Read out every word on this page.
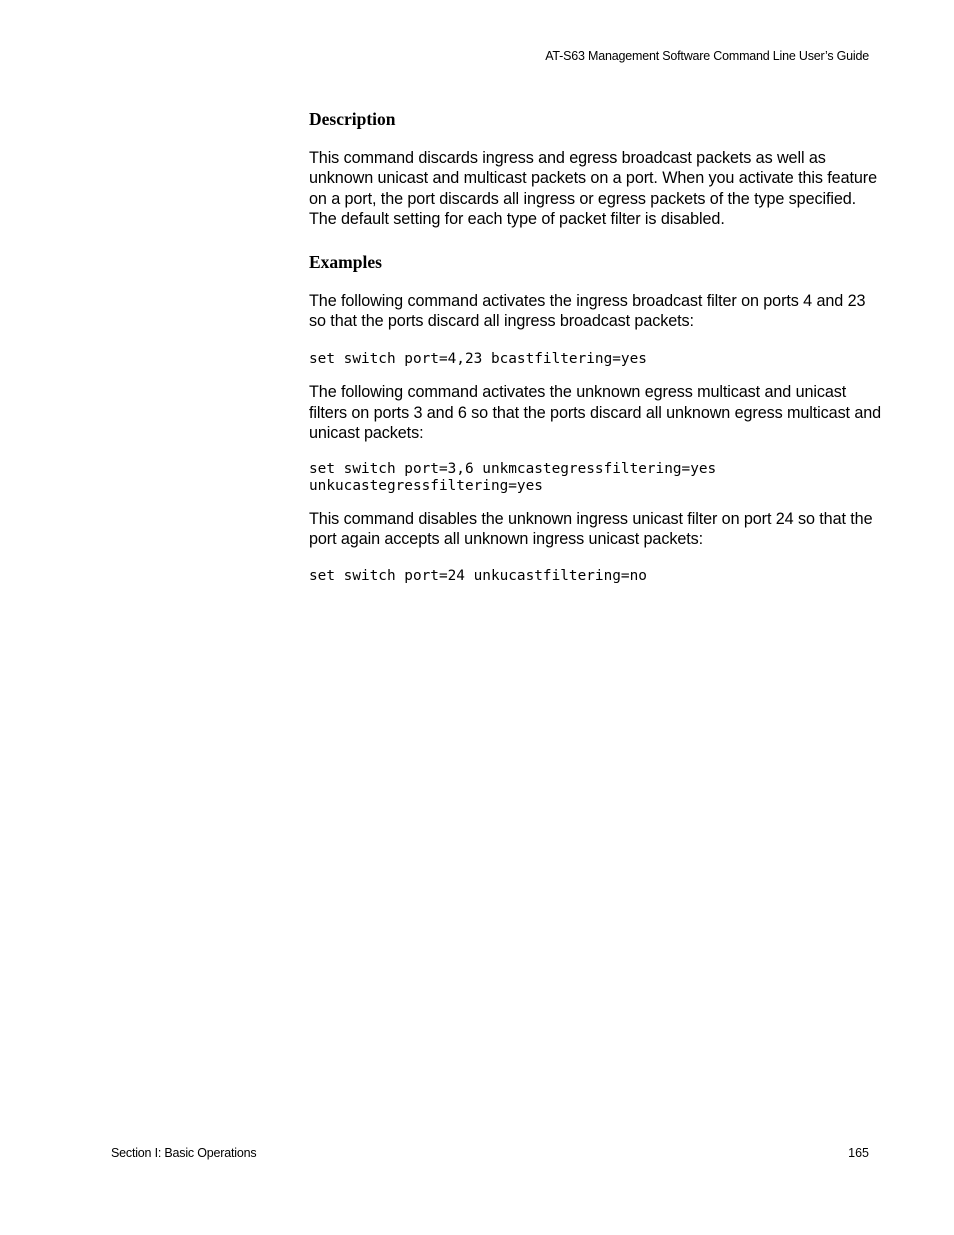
AT-S63 Management Software Command Line User’s Guide
Description

This command discards ingress and egress broadcast packets as well as unknown unicast and multicast packets on a port. When you activate this feature on a port, the port discards all ingress or egress packets of the type specified. The default setting for each type of packet filter is disabled.

Examples

The following command activates the ingress broadcast filter on ports 4 and 23 so that the ports discard all ingress broadcast packets:

set switch port=4,23 bcastfiltering=yes

The following command activates the unknown egress multicast and unicast filters on ports 3 and 6 so that the ports discard all unknown egress multicast and unicast packets:

set switch port=3,6 unkmcastegressfiltering=yes
unkucastegressfiltering=yes

This command disables the unknown ingress unicast filter on port 24 so that the port again accepts all unknown ingress unicast packets:

set switch port=24 unkucastfiltering=no
Section I: Basic Operations	165
